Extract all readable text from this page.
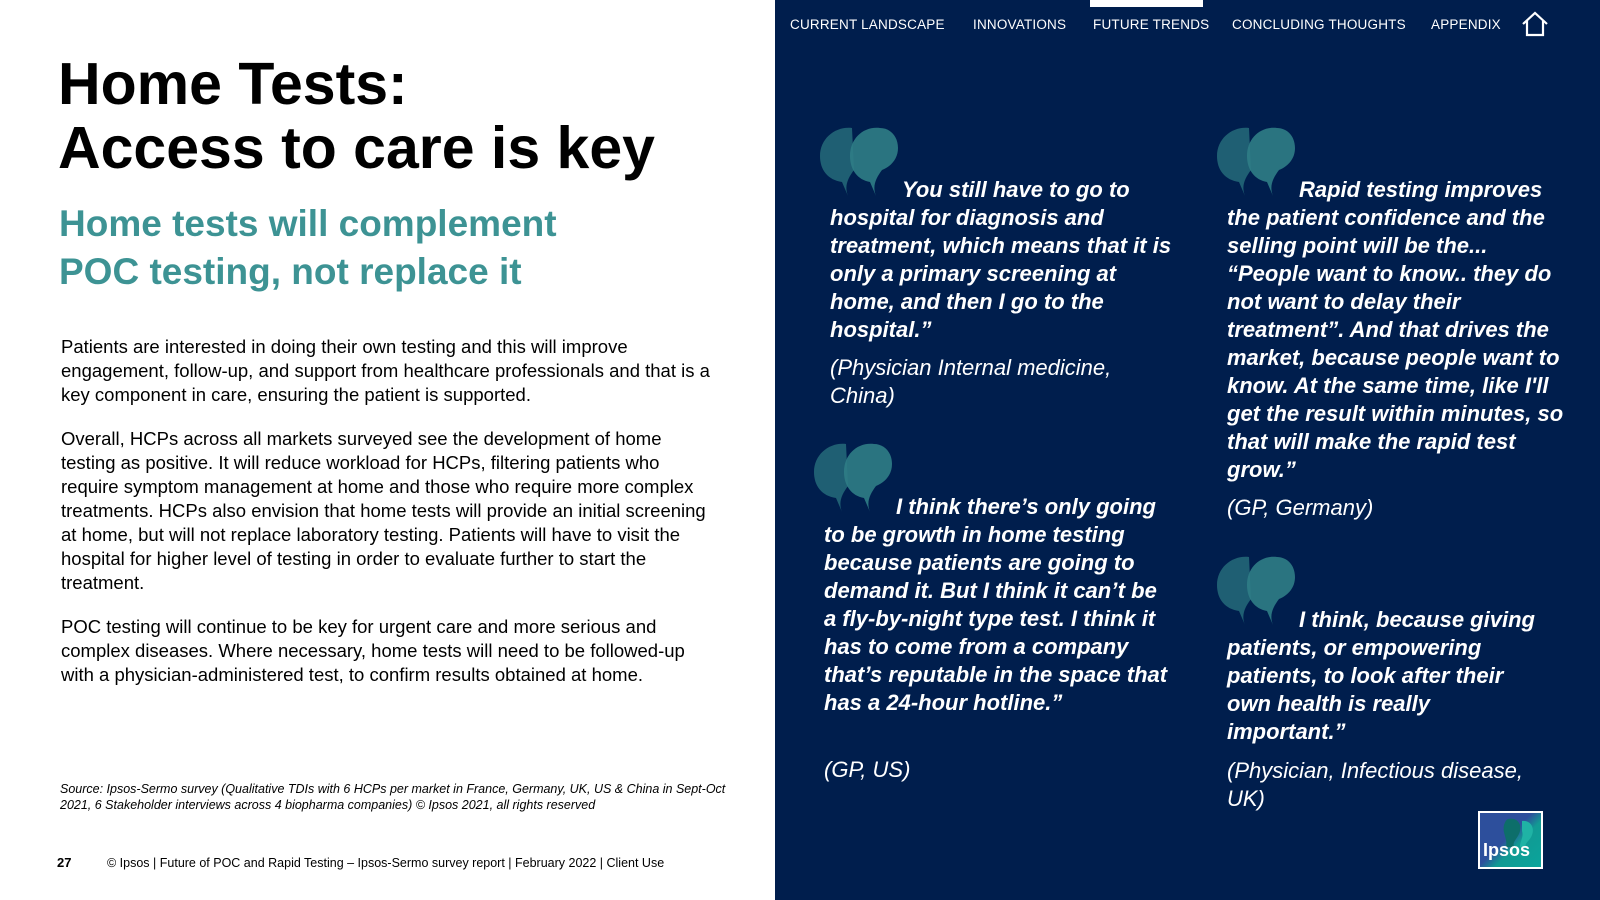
Home Tests:
Access to care is key
Home tests will complement
POC testing, not replace it

Patients are interested in doing their own testing and this will improve engagement, follow-up, and support from healthcare professionals and that is a key component in care, ensuring the patient is supported.

Overall, HCPs across all markets surveyed see the development of home testing as positive. It will reduce workload for HCPs, filtering patients who require symptom management at home and those who require more complex treatments. HCPs also envision that home tests will provide an initial screening at home, but will not replace laboratory testing. Patients will have to visit the hospital for higher level of testing in order to evaluate further to start the treatment.

POC testing will continue to be key for urgent care and more serious and complex diseases. Where necessary, home tests will need to be followed-up with a physician-administered test, to confirm results obtained at home.

Source: Ipsos-Sermo survey (Qualitative TDIs with 6 HCPs per market in France, Germany, UK, US & China in Sept-Oct 2021, 6 Stakeholder interviews across 4 biopharma companies) © Ipsos 2021, all rights reserved
27	© Ipsos | Future of POC and Rapid Testing – Ipsos-Sermo survey report | February 2022 | Client Use
CURRENT LANDSCAPE INNOVATIONS FUTURE TRENDS CONCLUDING THOUGHTS APPENDIX
You still have to go to hospital for diagnosis and treatment, which means that it is only a primary screening at home, and then I go to the hospital.”
(Physician Internal medicine, China)
I think there’s only going to be growth in home testing because patients are going to demand it. But I think it can’t be a fly-by-night type test. I think it has to come from a company that’s reputable in the space that has a 24-hour hotline.”
(GP, US)
Rapid testing improves the patient confidence and the selling point will be the... “People want to know.. they do not want to delay their treatment”. And that drives the market, because people want to know. At the same time, like I'll get the result within minutes, so that will make the rapid test grow.”
(GP, Germany)
I think, because giving patients, or empowering patients, to look after their own health is really important.”
(Physician, Infectious disease, UK)
Ipsos
